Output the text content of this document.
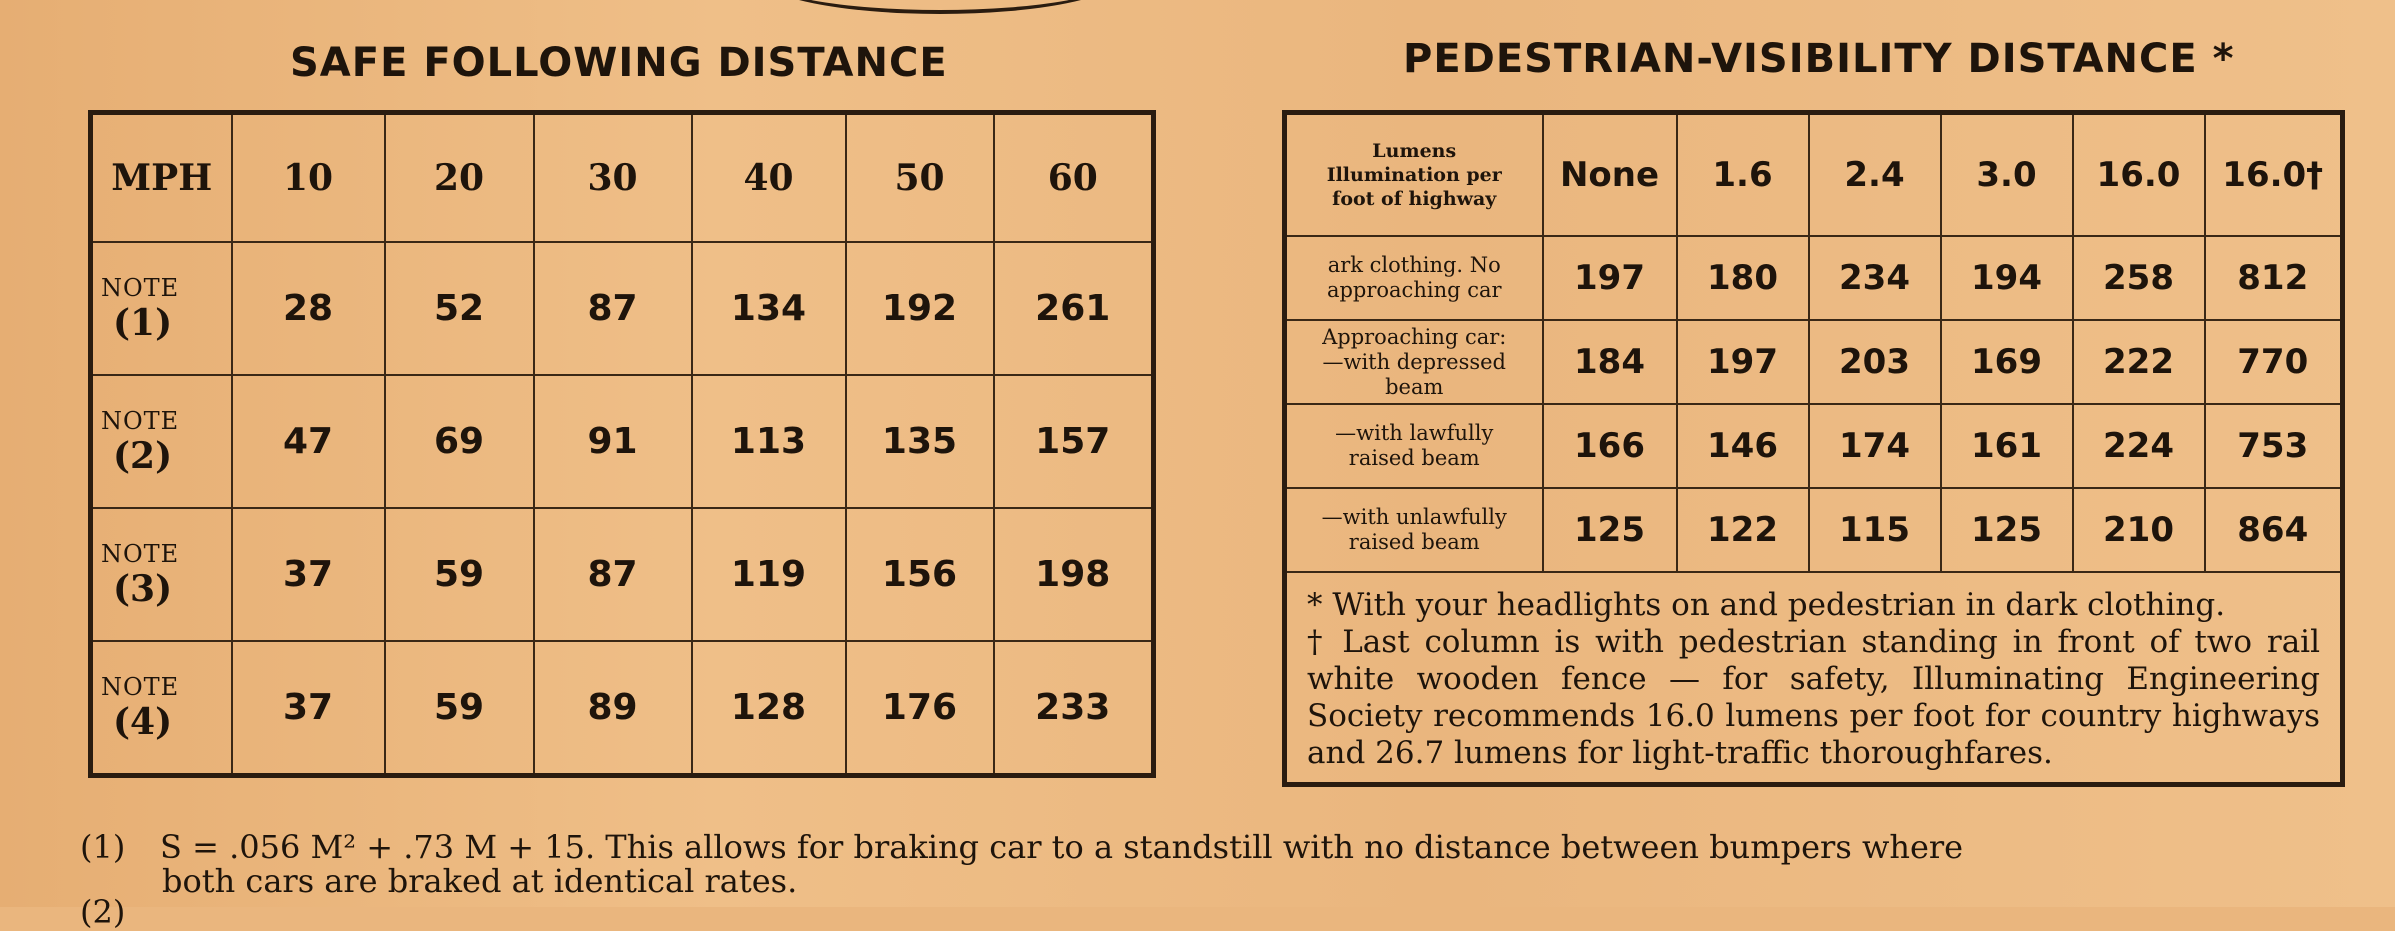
SAFE FOLLOWING DISTANCE	PEDESTRIAN-VISIBILITY DISTANCE *
MPH	10	20	30	40	50	60

NOTE
(1)	28	52	87	134	192	261

NOTE
(2)	47	69	91	113	135	157

NOTE
(3)	37	59	87	119	156	198

NOTE
(4)	37	59	89	128	176	233
Lumens
Illumination per
foot of highway	None	1.6	2.4	3.0	16.0	16.0†
ark clothing. No
approaching car	197	180	234	194	258	812
Approaching car:
—with depressed
beam	184	197	203	169	222	770
—with lawfully
raised beam	166	146	174	161	224	753
—with unlawfully
raised beam	125	122	115	125	210	864

* With your headlights on and pedestrian in dark clothing.
† Last column is with pedestrian standing in front of two rail white wooden fence — for safety, Illuminating Engineering Society recommends 16.0 lumens per foot for country highways and 26.7 lumens for light-traffic thoroughfares.						
(1) S = .056 M² + .73 M + 15. This allows for braking car to a standstill with no distance between bumpers where
both cars are braked at identical rates.
(2)
